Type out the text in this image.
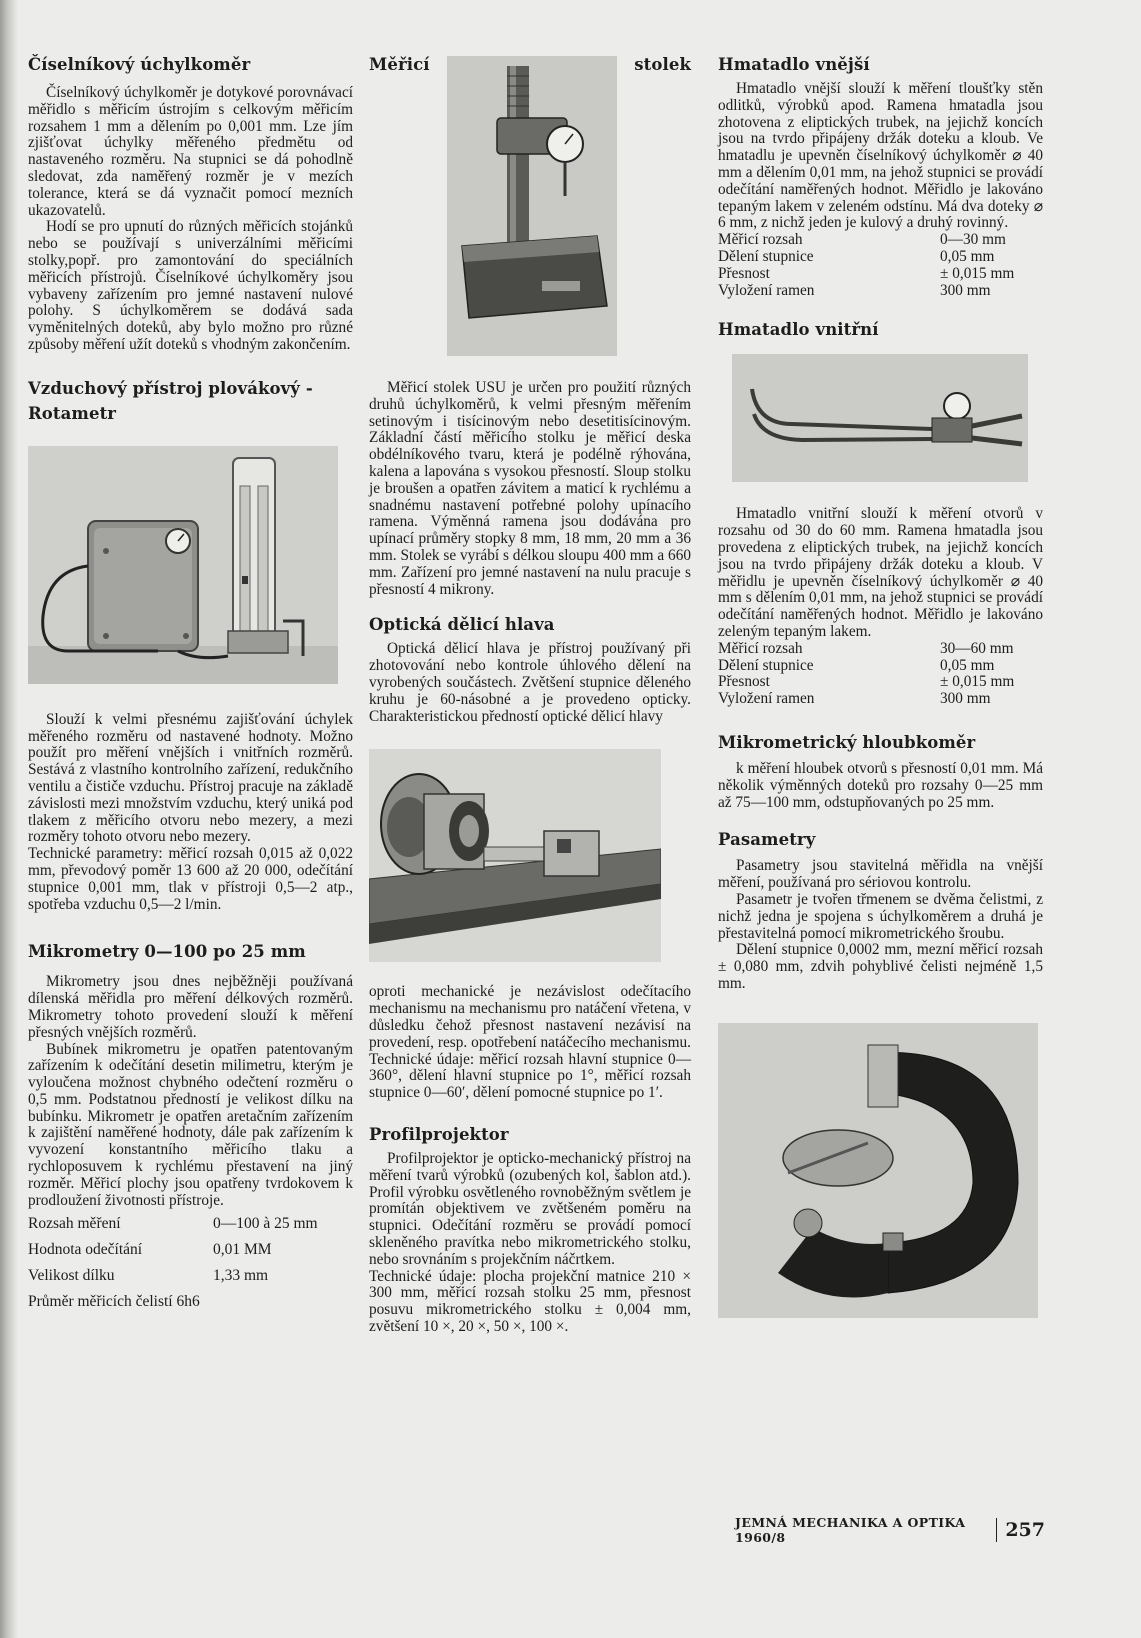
Číselníkový úchylkoměr

Číselníkový úchylkoměr je dotykové porovnávací měřidlo s měřicím ústrojím s celkovým měřicím rozsahem 1 mm a dělením po 0,001 mm. Lze jím zjišťovat úchylky měřeného předmětu od nastaveného rozměru. Na stupnici se dá pohodlně sledovat, zda naměřený rozměr je v mezích tolerance, která se dá vyznačit pomocí mezních ukazovatelů.

Hodí se pro upnutí do různých měřicích stojánků nebo se používají s univerzálními měřicími stolky,popř. pro zamontování do speciálních měřicích přístrojů. Číselníkové úchylkoměry jsou vybaveny zařízením pro jemné nastavení nulové polohy. S úchylkoměrem se dodává sada vyměnitelných doteků, aby bylo možno pro různé způsoby měření užít doteků s vhodným zakončením.

Vzduchový přístroj plovákový -
Rotametr

Slouží k velmi přesnému zajišťování úchylek měřeného rozměru od nastavené hodnoty. Možno použít pro měření vnějších i vnitřních rozměrů. Sestává z vlastního kontrolního zařízení, redukčního ventilu a čističe vzduchu. Přístroj pracuje na základě závislosti mezi množstvím vzduchu, který uniká pod tlakem z měřicího otvoru nebo mezery, a mezi rozměry tohoto otvoru nebo mezery.

Technické parametry: měřicí rozsah 0,015 až 0,022 mm, převodový poměr 13 600 až 20 000, odečítání stupnice 0,001 mm, tlak v přístroji 0,5—2 atp., spotřeba vzduchu 0,5—2 l/min.

Mikrometry 0—100 po 25 mm

Mikrometry jsou dnes nejběžněji používaná dílenská měřidla pro měření délkových rozměrů. Mikrometry tohoto provedení slouží k měření přesných vnějších rozměrů.

Bubínek mikrometru je opatřen patentovaným zařízením k odečítání desetin milimetru, kterým je vyloučena možnost chybného odečtení rozměru o 0,5 mm. Podstatnou předností je velikost dílku na bubínku. Mikrometr je opatřen aretačním zařízením k zajištění naměřené hodnoty, dále pak zařízením k vyvození konstantního měřicího tlaku a rychloposuvem k rychlému přestavení na jiný rozměr. Měřicí plochy jsou opatřeny tvrdokovem k prodloužení životnosti přístroje.

Rozsah měření	0—100 à 25 mm
Hodnota odečítání	0,01 MM
Velikost dílku	1,33 mm
Průměr měřicích čelistí 6h6	
Měřicí	stolek

Měřicí stolek USU je určen pro použití různých druhů úchylkoměrů, k velmi přesným měřením setinovým i tisícinovým nebo desetitisícinovým. Základní částí měřicího stolku je měřicí deska obdélníkového tvaru, která je podélně rýhována, kalena a lapována s vysokou přesností. Sloup stolku je broušen a opatřen závitem a maticí k rychlému a snadnému nastavení potřebné polohy upínacího ramena. Výměnná ramena jsou dodávána pro upínací průměry stopky 8 mm, 18 mm, 20 mm a 36 mm. Stolek se vyrábí s délkou sloupu 400 mm a 660 mm. Zařízení pro jemné nastavení na nulu pracuje s přesností 4 mikrony.

Optická dělicí hlava

Optická dělicí hlava je přístroj používaný při zhotovování nebo kontrole úhlového dělení na vyrobených součástech. Zvětšení stupnice děleného kruhu je 60-násobné a je provedeno opticky. Charakteristickou předností optické dělicí hlavy

oproti mechanické je nezávislost odečítacího mechanismu na mechanismu pro natáčení vřetena, v důsledku čehož přesnost nastavení nezávisí na provedení, resp. opotřebení natáčecího mechanismu. Technické údaje: měřicí rozsah hlavní stupnice 0—360°, dělení hlavní stupnice po 1°, měřicí rozsah stupnice 0—60′, dělení pomocné stupnice po 1′.

Profilprojektor

Profilprojektor je opticko-mechanický přístroj na měření tvarů výrobků (ozubených kol, šablon atd.). Profil výrobku osvětleného rovnoběžným světlem je promítán objektivem ve zvětšeném poměru na stupnici. Odečítání rozměru se provádí pomocí skleněného pravítka nebo mikrometrického stolku, nebo srovnáním s projekčním náčrtkem.

Technické údaje: plocha projekční matnice 210 × 300 mm, měřicí rozsah stolku 25 mm, přesnost posuvu mikrometrického stolku ± 0,004 mm, zvětšení 10 ×, 20 ×, 50 ×, 100 ×.

Hmatadlo vnější

Hmatadlo vnější slouží k měření tloušťky stěn odlitků, výrobků apod. Ramena hmatadla jsou zhotovena z eliptických trubek, na jejichž koncích jsou na tvrdo připájeny držák doteku a kloub. Ve hmatadlu je upevněn číselníkový úchylkoměr ⌀ 40 mm a dělením 0,01 mm, na jehož stupnici se provádí odečítání naměřených hodnot. Měřidlo je lakováno tepaným lakem v zeleném odstínu. Má dva doteky ⌀ 6 mm, z nichž jeden je kulový a druhý rovinný.

Měřicí rozsah	0—30 mm
Dělení stupnice	0,05 mm
Přesnost	± 0,015 mm
Vyložení ramen	300 mm
Hmatadlo vnitřní

Hmatadlo vnitřní slouží k měření otvorů v rozsahu od 30 do 60 mm. Ramena hmatadla jsou provedena z eliptických trubek, na jejichž koncích jsou na tvrdo připájeny držák doteku a kloub. V měřidlu je upevněn číselníkový úchylkoměr ⌀ 40 mm s dělením 0,01 mm, na jehož stupnici se provádí odečítání naměřených hodnot. Měřidlo je lakováno zeleným tepaným lakem.

Měřicí rozsah	30—60 mm
Dělení stupnice	0,05 mm
Přesnost	± 0,015 mm
Vyložení ramen	300 mm
Mikrometrický hloubkoměr

k měření hloubek otvorů s přesností 0,01 mm. Má několik výměnných doteků pro rozsahy 0—25 mm až 75—100 mm, odstupňovaných po 25 mm.

Pasametry

Pasametry jsou stavitelná měřidla na vnější měření, používaná pro sériovou kontrolu.

Pasametr je tvořen třmenem se dvěma čelistmi, z nichž jedna je spojena s úchylkoměrem a druhá je přestavitelná pomocí mikrometrického šroubu.

Dělení stupnice 0,0002 mm, mezní měřicí rozsah ± 0,080 mm, zdvih pohyblivé čelisti nejméně 1,5 mm.

JEMNÁ MECHANIKA A OPTIKA 1960/8	257
